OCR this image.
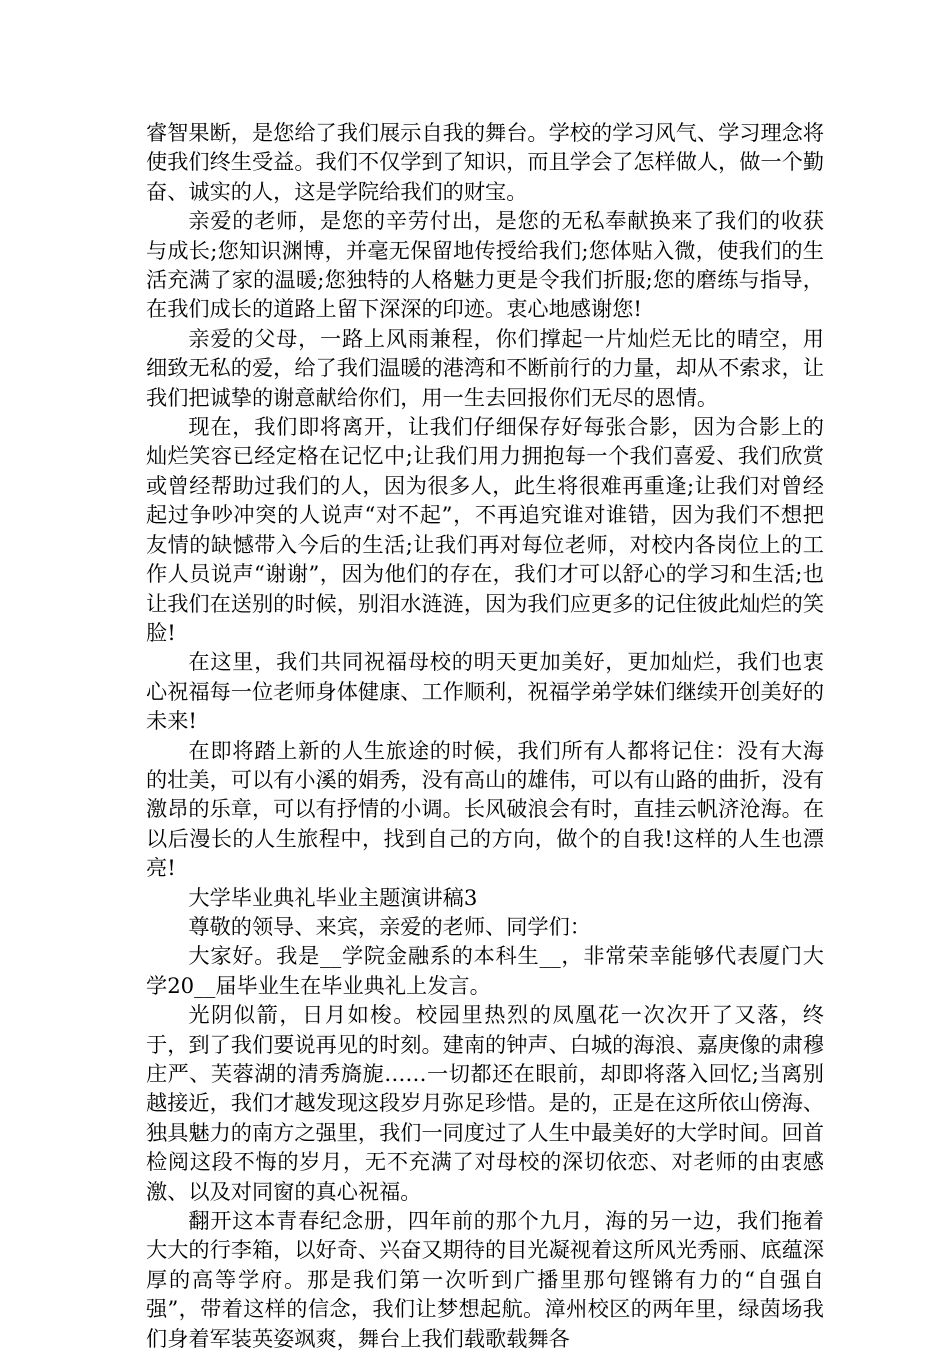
睿智果断，是您给了我们展示自我的舞台。学校的学习风气、学习理念将使我们终生受益。我们不仅学到了知识，而且学会了怎样做人，做一个勤奋、诚实的人，这是学院给我们的财宝。

亲爱的老师，是您的辛劳付出，是您的无私奉献换来了我们的收获与成长;您知识渊博，并毫无保留地传授给我们;您体贴入微，使我们的生活充满了家的温暖;您独特的人格魅力更是令我们折服;您的磨练与指导，在我们成长的道路上留下深深的印迹。衷心地感谢您!

亲爱的父母，一路上风雨兼程，你们撑起一片灿烂无比的晴空，用细致无私的爱，给了我们温暖的港湾和不断前行的力量，却从不索求，让我们把诚挚的谢意献给你们，用一生去回报你们无尽的恩情。

现在，我们即将离开，让我们仔细保存好每张合影，因为合影上的灿烂笑容已经定格在记忆中;让我们用力拥抱每一个我们喜爱、我们欣赏或曾经帮助过我们的人，因为很多人，此生将很难再重逢;让我们对曾经起过争吵冲突的人说声“对不起”，不再追究谁对谁错，因为我们不想把友情的缺憾带入今后的生活;让我们再对每位老师，对校内各岗位上的工作人员说声“谢谢”，因为他们的存在，我们才可以舒心的学习和生活;也让我们在送别的时候，别泪水涟涟，因为我们应更多的记住彼此灿烂的笑脸!

在这里，我们共同祝福母校的明天更加美好，更加灿烂，我们也衷心祝福每一位老师身体健康、工作顺利，祝福学弟学妹们继续开创美好的未来!

在即将踏上新的人生旅途的时候，我们所有人都将记住：没有大海的壮美，可以有小溪的娟秀，没有高山的雄伟，可以有山路的曲折，没有激昂的乐章，可以有抒情的小调。长风破浪会有时，直挂云帆济沧海。在以后漫长的人生旅程中，找到自己的方向，做个的自我!这样的人生也漂亮!

大学毕业典礼毕业主题演讲稿3

尊敬的领导、来宾，亲爱的老师、同学们：

大家好。我是__学院金融系的本科生__，非常荣幸能够代表厦门大学20__届毕业生在毕业典礼上发言。

光阴似箭，日月如梭。校园里热烈的凤凰花一次次开了又落，终于，到了我们要说再见的时刻。建南的钟声、白城的海浪、嘉庚像的肃穆庄严、芙蓉湖的清秀旖旎……一切都还在眼前，却即将落入回忆;当离别越接近，我们才越发现这段岁月弥足珍惜。是的，正是在这所依山傍海、独具魅力的南方之强里，我们一同度过了人生中最美好的大学时间。回首检阅这段不悔的岁月，无不充满了对母校的深切依恋、对老师的由衷感激、以及对同窗的真心祝福。

翻开这本青春纪念册，四年前的那个九月，海的另一边，我们拖着大大的行李箱，以好奇、兴奋又期待的目光凝视着这所风光秀丽、底蕴深厚的高等学府。那是我们第一次听到广播里那句铿锵有力的“自强自强”，带着这样的信念，我们让梦想起航。漳州校区的两年里，绿茵场我们身着军装英姿飒爽，舞台上我们载歌载舞各
